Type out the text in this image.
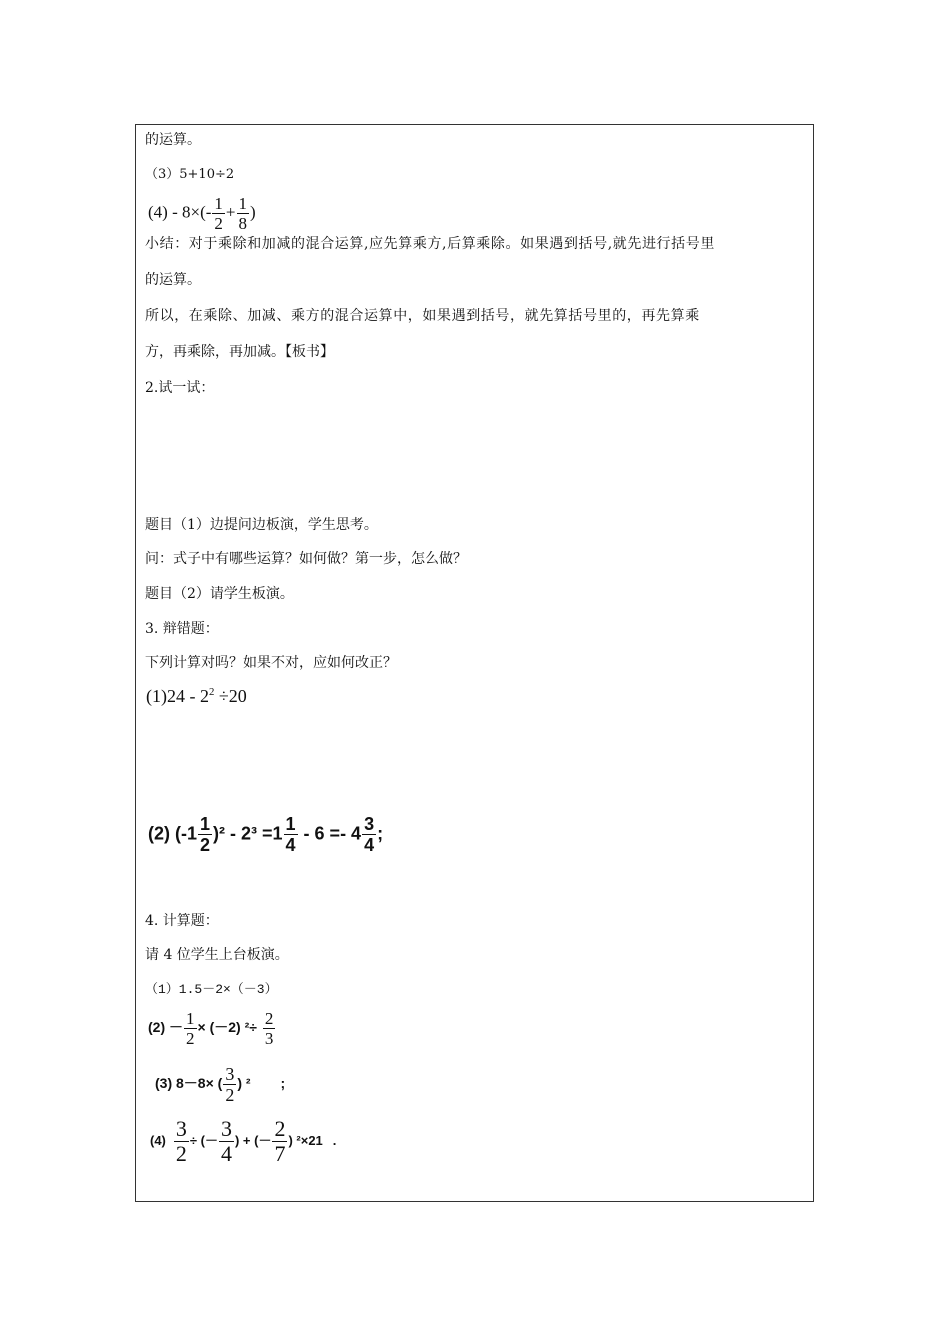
的运算。
（3）5+10÷2
$(4) - 8\times(- \frac{1}{2} + \frac{1}{8}$ )
小结：对于乘除和加减的混合运算,应先算乘方,后算乘除。如果遇到括号,就先进行括号里
的运算。
所以，在乘除、加减、乘方的混合运算中，如果遇到括号，就先算括号里的，再先算乘
方，再乘除，再加减。【板书】
2.试一试：
题目（1）边提问边板演，学生思考。
问：式子中有哪些运算？如何做？第一步，怎么做？
题目（2）请学生板演。
3. 辩错题：
下列计算对吗？如果不对，应如何改正？
$(1)24 - 2^2 \div 20$
(2) $(-1 \frac{1}{2} )^2 - 2^3 =1 \frac{1}{4} - 6 =- 4 \frac{3}{4}$ ;
4. 计算题：
请 4 位学生上台板演。
（1）1.5－2×（－3）
$(2) - \frac{1}{2} \times (-2)$ $^2\div \frac{2}{3}$
(3) 8－8× ( $\frac{3}{2}$ ) ² ;
$(4) \frac{3}{2}$ ÷ (－ $\frac{3}{4}$ ) + (－ $\frac{2}{7}$ ) ²×21 .
